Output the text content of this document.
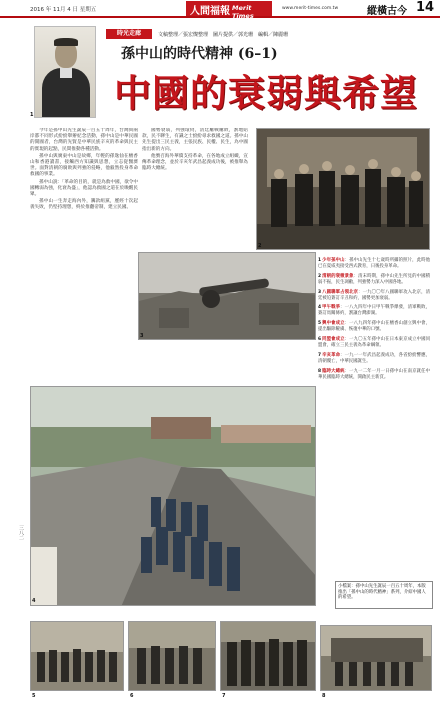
2016 年 11月 4 日 星期五	人間福報 Merit Times
www.merit-times.com.tw	縱橫古今 14
1
時光走廊	文稿整理／張宏燦整理　圖片提供／郭光珊　編輯／陳麗珊
孫中山的時代精神 (6–1)
中國的衰弱與希望

今年是孫中山先生誕辰一百五十周年，台灣與兩岸都不同形式紛紛舉辦紀念活動，孫中山是中華民國的開國者，台灣的先賢是中華民族辛亥的革命與民主的實現的起點，民間推動各種活動。

孫中山與廣東中山是故鄉，年輕的孫逸仙在檀香山和香港讀書，接觸西方知識與思想，立志從醫濟世。面對清朝的腐敗與列強的侵略，他毅然投身革命救國的事業。

孫中山說：「革命的目的，就是為救中國，欲令中國轉弱為強，化衰為盛」，他認為救國之道在於喚醒民眾。

孫中山一生奔走海內外，籌款組黨，歷經十次起義失敗，仍堅持理想，終於推翻帝制，建立民國。

國勢衰弱，列強環伺，清廷屢戰屢敗，割地賠款，民不聊生，有識之士紛紛尋求救國之道。孫中山先生提出三民主義，主張民族、民權、民生，為中國指出新的方向。

他號召海外華僑支持革命，在各地成立組織，宣傳革命理念，並於辛亥年武昌起義成功後，被推舉為臨時大總統。

2
3
4
三八二
1少年孫中山：孫中山先生十七歲時所攝的照片，此時他已在夏威夷接受西式教育，日後投身革命。
2清朝的衰微景象：清末時期，孫中山先生所見的中國積弱不振，民生凋敝，列強勢力深入中國各地。
3八國聯軍占領北京：一九〇〇年八國聯軍攻入北京，清廷被迫簽訂辛丑和約，國勢更加衰弱。
4甲午戰爭：一八九四年中日甲午戰爭爆發，清軍戰敗，簽訂馬關條約，割讓台灣澎湖。
5興中會成立：一八九四年孫中山在檀香山創立興中會，提出驅除韃虜、恢復中華的口號。
6同盟會成立：一九〇五年孫中山在日本東京成立中國同盟會，確立三民主義為革命綱領。
7辛亥革命：一九一一年武昌起義成功，各省紛紛響應，清朝覆亡，中華民國誕生。
8臨時大總統：一九一二年一月一日孫中山在南京就任中華民國臨時大總統，開啟民主新頁。
小檔案：孫中山先生誕辰一百五十周年，本版推出「孫中山的時代精神」系列，介紹中國人的希望。
5	6	7	8
